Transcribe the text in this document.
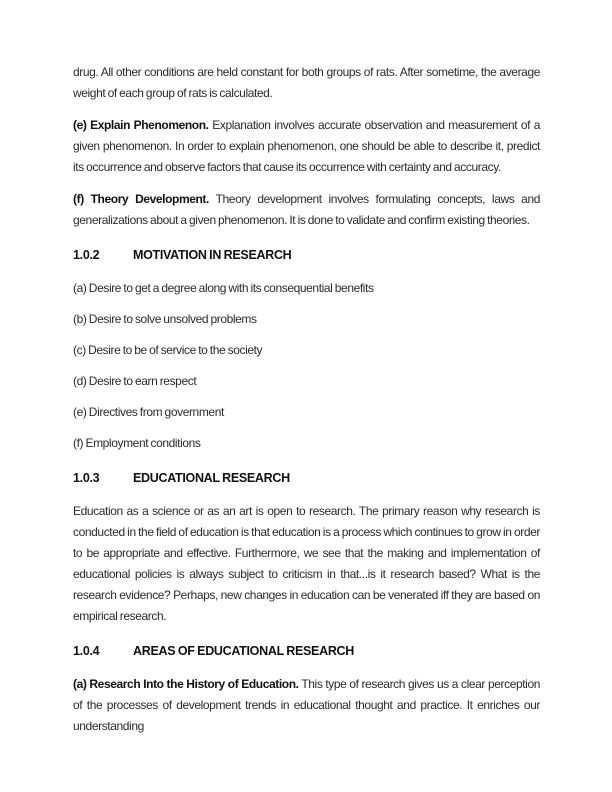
drug. All other conditions are held constant for both groups of rats. After sometime, the average weight of each group of rats is calculated.

(e) Explain Phenomenon. Explanation involves accurate observation and measurement of a given phenomenon. In order to explain phenomenon, one should be able to describe it, predict its occurrence and observe factors that cause its occurrence with certainty and accuracy.

(f) Theory Development. Theory development involves formulating concepts, laws and generalizations about a given phenomenon. It is done to validate and confirm existing theories.

1.0.2	MOTIVATION IN RESEARCH

(a) Desire to get a degree along with its consequential benefits

(b) Desire to solve unsolved problems

(c) Desire to be of service to the society

(d) Desire to earn respect

(e) Directives from government

(f) Employment conditions

1.0.3	EDUCATIONAL RESEARCH

Education as a science or as an art is open to research. The primary reason why research is conducted in the field of education is that education is a process which continues to grow in order to be appropriate and effective. Furthermore, we see that the making and implementation of educational policies is always subject to criticism in that...is it research based? What is the research evidence? Perhaps, new changes in education can be venerated iff they are based on empirical research.

1.0.4	AREAS OF EDUCATIONAL RESEARCH

(a) Research Into the History of Education. This type of research gives us a clear perception of the processes of development trends in educational thought and practice. It enriches our understanding
